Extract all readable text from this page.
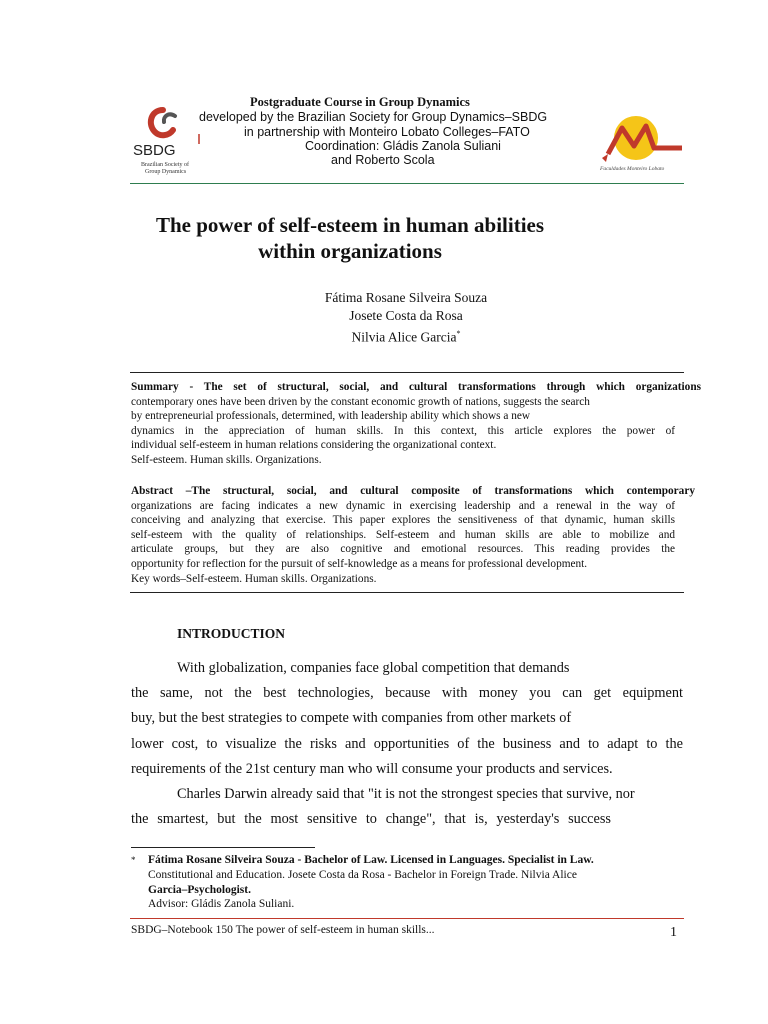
Postgraduate Course in Group Dynamics
developed by the Brazilian Society for Group Dynamics–SBDG
in partnership with Monteiro Lobato Colleges–FATO
Coordination: Gládis Zanola Suliani
and Roberto Scola
SBDG
Brazilian Society of
Group Dynamics	Faculdades Monteiro Lobato
The power of self-esteem in human abilities
within organizations
Fátima Rosane Silveira Souza
Josete Costa da Rosa
Nilvia Alice Garcia*
Summary - The set of structural, social, and cultural transformations through which organizations
contemporary ones have been driven by the constant economic growth of nations, suggests the search
by entrepreneurial professionals, determined, with leadership ability which shows a new
dynamics in the appreciation of human skills. In this context, this article explores the power of
individual self-esteem in human relations considering the organizational context.
Self-esteem. Human skills. Organizations.
Abstract –The structural, social, and cultural composite of transformations which contemporary
organizations are facing indicates a new dynamic in exercising leadership and a renewal in the way of
conceiving and analyzing that exercise. This paper explores the sensitiveness of that dynamic, human skills
self-esteem with the quality of relationships. Self-esteem and human skills are able to mobilize and
articulate groups, but they are also cognitive and emotional resources. This reading provides the
opportunity for reflection for the pursuit of self-knowledge as a means for professional development.
Key words–Self-esteem. Human skills. Organizations.
INTRODUCTION
With globalization, companies face global competition that demands
the same, not the best technologies, because with money you can get equipment
buy, but the best strategies to compete with companies from other markets of
lower cost, to visualize the risks and opportunities of the business and to adapt to the
requirements of the 21st century man who will consume your products and services.
Charles Darwin already said that "it is not the strongest species that survive, nor
the smartest, but the most sensitive to change", that is, yesterday's success
* Fátima Rosane Silveira Souza - Bachelor of Law. Licensed in Languages. Specialist in Law.
Constitutional and Education. Josete Costa da Rosa - Bachelor in Foreign Trade. Nilvia Alice
Garcia–Psychologist.
Advisor: Gládis Zanola Suliani.
SBDG–Notebook 150 The power of self-esteem in human skills...	1
